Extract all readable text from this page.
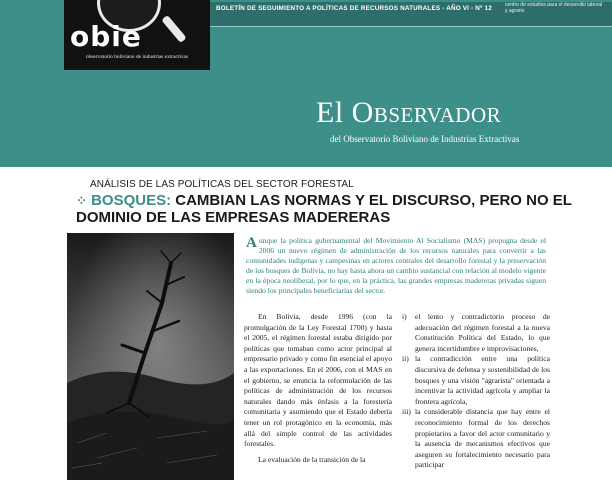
obie
observatorio boliviano de industrias extractivas
BOLETÍN DE SEGUIMIENTO A POLÍTICAS DE RECURSOS NATURALES - AÑO VI - Nº 12	centro de estudios para el desarrollo laboral y agrario
El Observador
del Observatorio Boliviano de Industrias Extractivas
ANÁLISIS DE LAS POLÍTICAS DEL SECTOR FORESTAL
⁘ BOSQUES: CAMBIAN LAS NORMAS Y EL DISCURSO, PERO NO EL DOMINIO DE LAS EMPRESAS MADERERAS
Aunque la política gubernamental del Movimiento Al Socialismo (MAS) propugna desde el 2006 un nuevo régimen de administración de los recursos naturales para convertir a las comunidades indígenas y campesinas en actores centrales del desarrollo forestal y la preservación de los bosques de Bolivia, no hay hasta ahora un cambio sustancial con relación al modelo vigente en la época neoliberal, por lo que, en la práctica, las grandes empresas madereras privadas siguen siendo los principales beneficiarias del sector.

En Bolivia, desde 1996 (con la promulgación de la Ley Forestal 1700) y hasta el 2005, el régimen forestal estaba dirigido por políticas que tomaban como actor principal al empresario privado y como fin esencial el apoyo a las exportaciones. En el 2006, con el MAS en el gobierno, se enuncia la reformulación de las políticas de administración de los recursos naturales dando más énfasis a la forestería comunitaria y asumiendo que el Estado debería tener un rol protagónico en la economía, más allá del simple control de las actividades forestales.

La evaluación de la transición de la

i) el lento y contradictorio proceso de adecuación del régimen forestal a la nueva Constitución Política del Estado, lo que genera incertidumbre e improvisaciones,
ii) la contradicción entre una política discursiva de defensa y sostenibilidad de los bosques y una visión "agrarista" orientada a incentivar la actividad agrícola y ampliar la frontera agrícola,
iii) la considerable distancia que hay entre el reconocimiento formal de los derechos propietarios a favor del actor comunitario y la ausencia de mecanismos efectivos que aseguren su fortalecimiento necesario para participar
